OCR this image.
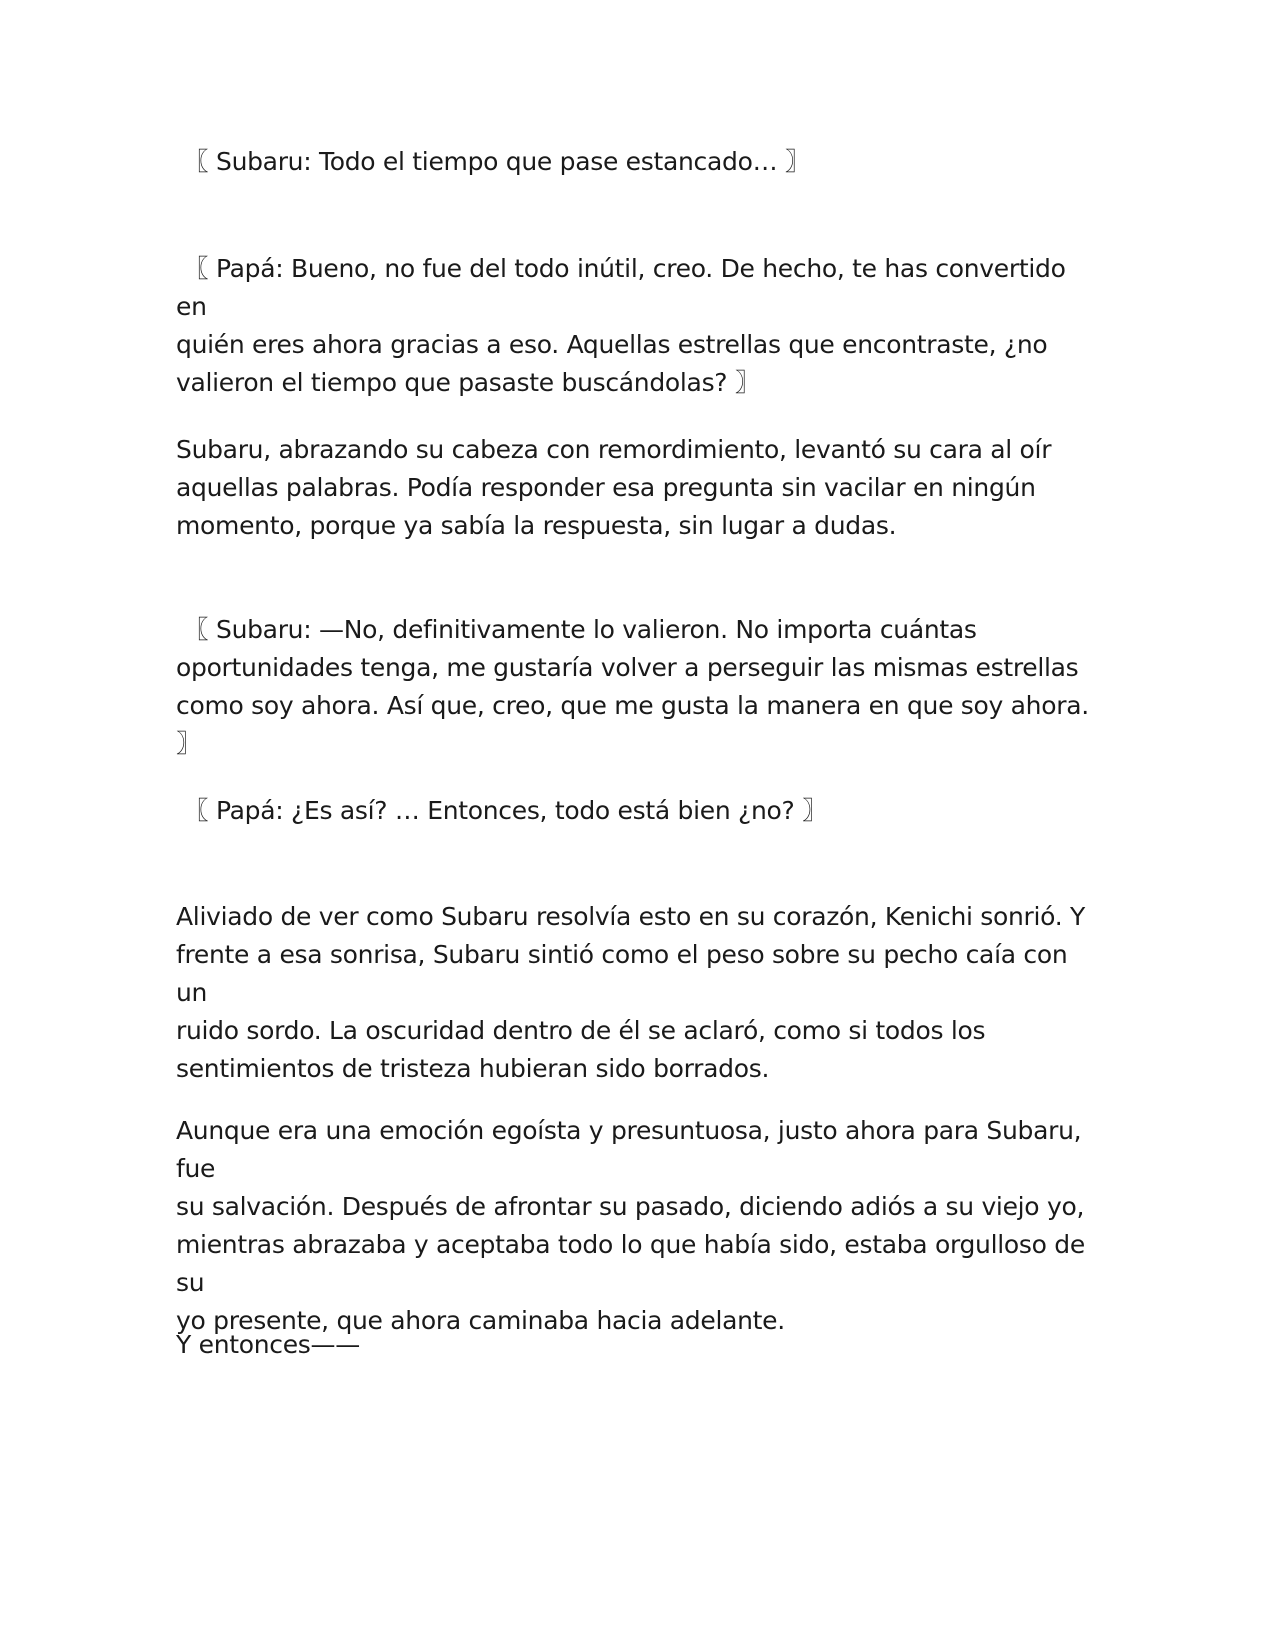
〖 Subaru: Todo el tiempo que pase estancado… 〗

〖 Papá: Bueno, no fue del todo inútil, creo. De hecho, te has convertido en
quién eres ahora gracias a eso. Aquellas estrellas que encontraste, ¿no
valieron el tiempo que pasaste buscándolas? 〗

Subaru, abrazando su cabeza con remordimiento, levantó su cara al oír
aquellas palabras. Podía responder esa pregunta sin vacilar en ningún
momento, porque ya sabía la respuesta, sin lugar a dudas.

〖 Subaru: —No, definitivamente lo valieron. No importa cuántas
oportunidades tenga, me gustaría volver a perseguir las mismas estrellas
como soy ahora. Así que, creo, que me gusta la manera en que soy ahora. 〗

〖 Papá: ¿Es así? … Entonces, todo está bien ¿no? 〗

Aliviado de ver como Subaru resolvía esto en su corazón, Kenichi sonrió. Y
frente a esa sonrisa, Subaru sintió como el peso sobre su pecho caía con un
ruido sordo. La oscuridad dentro de él se aclaró, como si todos los
sentimientos de tristeza hubieran sido borrados.

Aunque era una emoción egoísta y presuntuosa, justo ahora para Subaru, fue
su salvación. Después de afrontar su pasado, diciendo adiós a su viejo yo,
mientras abrazaba y aceptaba todo lo que había sido, estaba orgulloso de su
yo presente, que ahora caminaba hacia adelante.

Y entonces——
